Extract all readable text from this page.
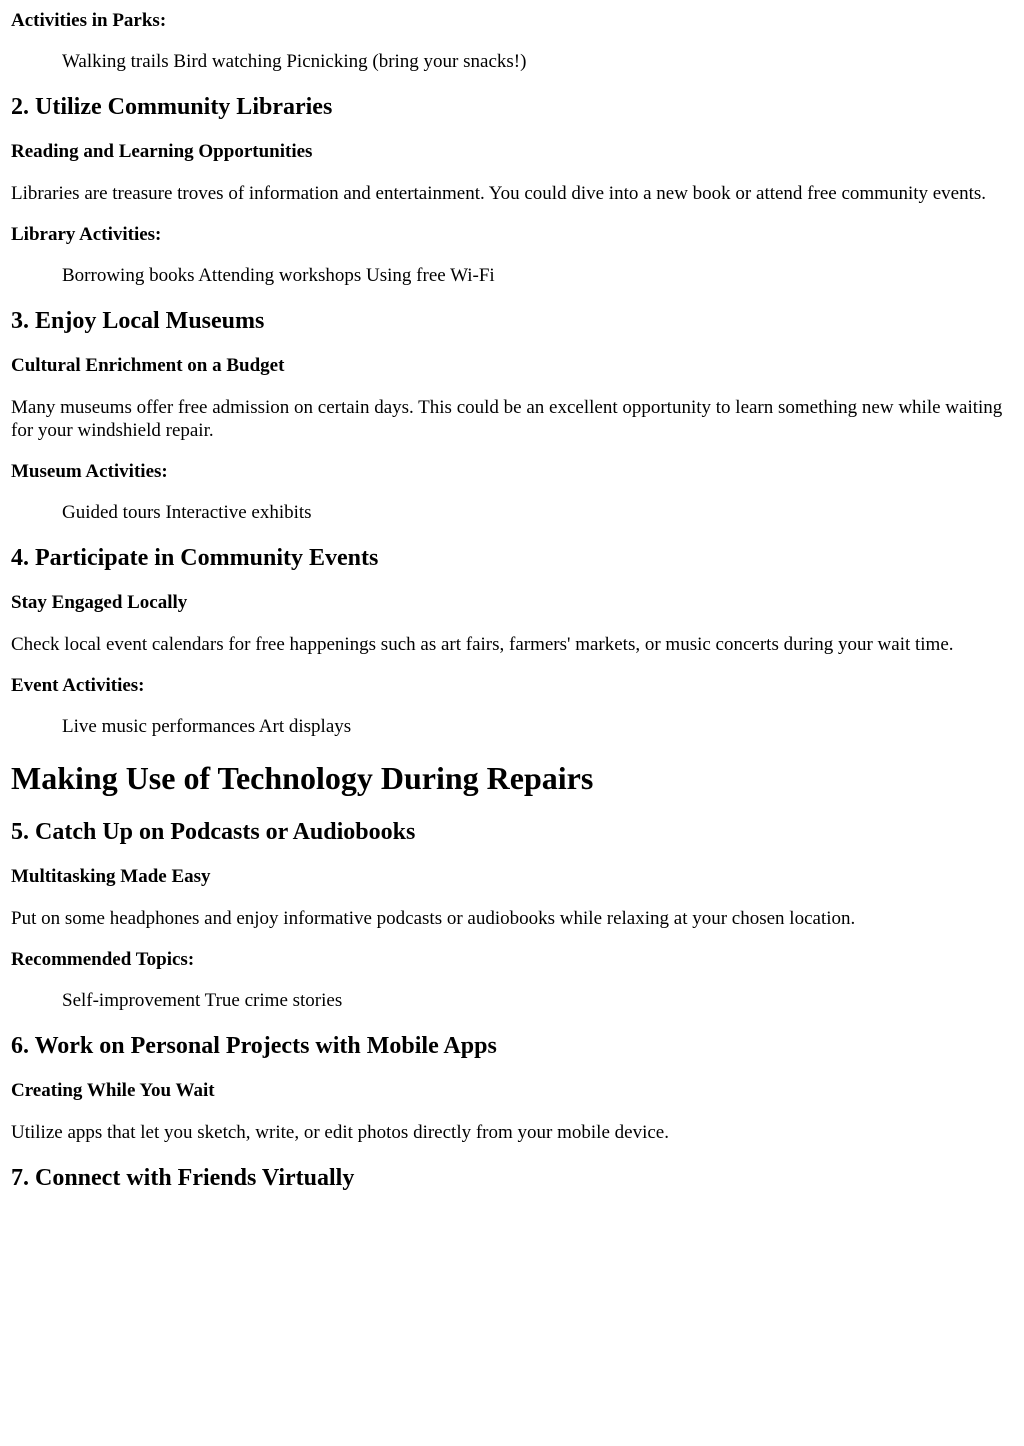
Activities in Parks:
Walking trails Bird watching Picnicking (bring your snacks!)
2. Utilize Community Libraries
Reading and Learning Opportunities

Libraries are treasure troves of information and entertainment. You could dive into a new book or attend free community events.

Library Activities:
Borrowing books Attending workshops Using free Wi-Fi
3. Enjoy Local Museums
Cultural Enrichment on a Budget

Many museums offer free admission on certain days. This could be an excellent opportunity to learn something new while waiting for your windshield repair.

Museum Activities:
Guided tours Interactive exhibits
4. Participate in Community Events
Stay Engaged Locally

Check local event calendars for free happenings such as art fairs, farmers' markets, or music concerts during your wait time.

Event Activities:
Live music performances Art displays
Making Use of Technology During Repairs
5. Catch Up on Podcasts or Audiobooks
Multitasking Made Easy

Put on some headphones and enjoy informative podcasts or audiobooks while relaxing at your chosen location.

Recommended Topics:
Self-improvement True crime stories
6. Work on Personal Projects with Mobile Apps
Creating While You Wait

Utilize apps that let you sketch, write, or edit photos directly from your mobile device.

7. Connect with Friends Virtually
